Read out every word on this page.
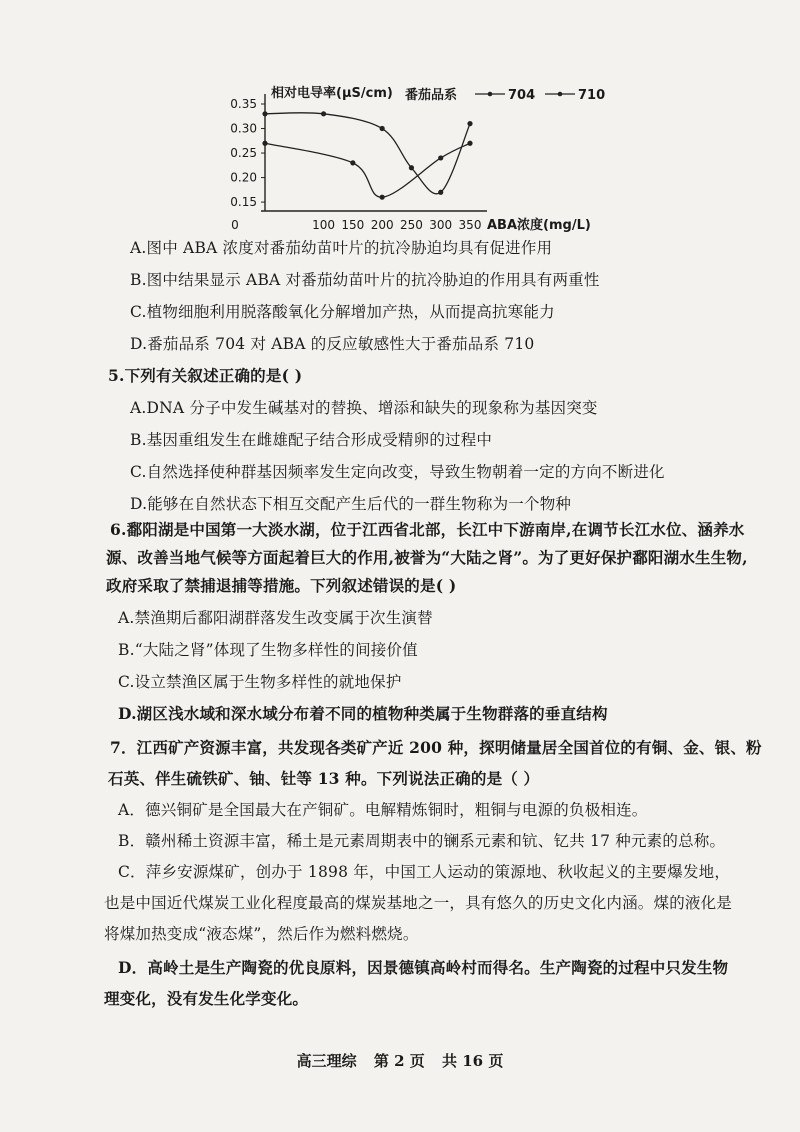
0.35
0.30
0.25
0.20
0.15
0	100 150 200 250 300 350
相对电导率(μS/cm)
ABA浓度(mg/L)
番茄品系	704	710
A.图中 ABA 浓度对番茄幼苗叶片的抗冷胁迫均具有促进作用
B.图中结果显示 ABA 对番茄幼苗叶片的抗冷胁迫的作用具有两重性
C.植物细胞利用脱落酸氧化分解增加产热，从而提高抗寒能力
D.番茄品系 704 对 ABA 的反应敏感性大于番茄品系 710
5.下列有关叙述正确的是( )
A.DNA 分子中发生碱基对的替换、增添和缺失的现象称为基因突变
B.基因重组发生在雌雄配子结合形成受精卵的过程中
C.自然选择使种群基因频率发生定向改变，导致生物朝着一定的方向不断进化
D.能够在自然状态下相互交配产生后代的一群生物称为一个物种
6.鄱阳湖是中国第一大淡水湖，位于江西省北部，长江中下游南岸,在调节长江水位、涵养水
源、改善当地气候等方面起着巨大的作用,被誉为“大陆之肾”。为了更好保护鄱阳湖水生生物,
政府采取了禁捕退捕等措施。下列叙述错误的是( )
A.禁渔期后鄱阳湖群落发生改变属于次生演替
B.“大陆之肾”体现了生物多样性的间接价值
C.设立禁渔区属于生物多样性的就地保护
D.湖区浅水域和深水域分布着不同的植物种类属于生物群落的垂直结构
7．江西矿产资源丰富，共发现各类矿产近 200 种，探明储量居全国首位的有铜、金、银、粉
石英、伴生硫铁矿、铀、钍等 13 种。下列说法正确的是（ ）
A．德兴铜矿是全国最大在产铜矿。电解精炼铜时，粗铜与电源的负极相连。
B．赣州稀土资源丰富，稀土是元素周期表中的镧系元素和钪、钇共 17 种元素的总称。
C．萍乡安源煤矿，创办于 1898 年，中国工人运动的策源地、秋收起义的主要爆发地，
也是中国近代煤炭工业化程度最高的煤炭基地之一，具有悠久的历史文化内涵。煤的液化是
将煤加热变成“液态煤”，然后作为燃料燃烧。
D．高岭土是生产陶瓷的优良原料，因景德镇高岭村而得名。生产陶瓷的过程中只发生物
理变化，没有发生化学变化。
高三理综 第 2 页 共 16 页
